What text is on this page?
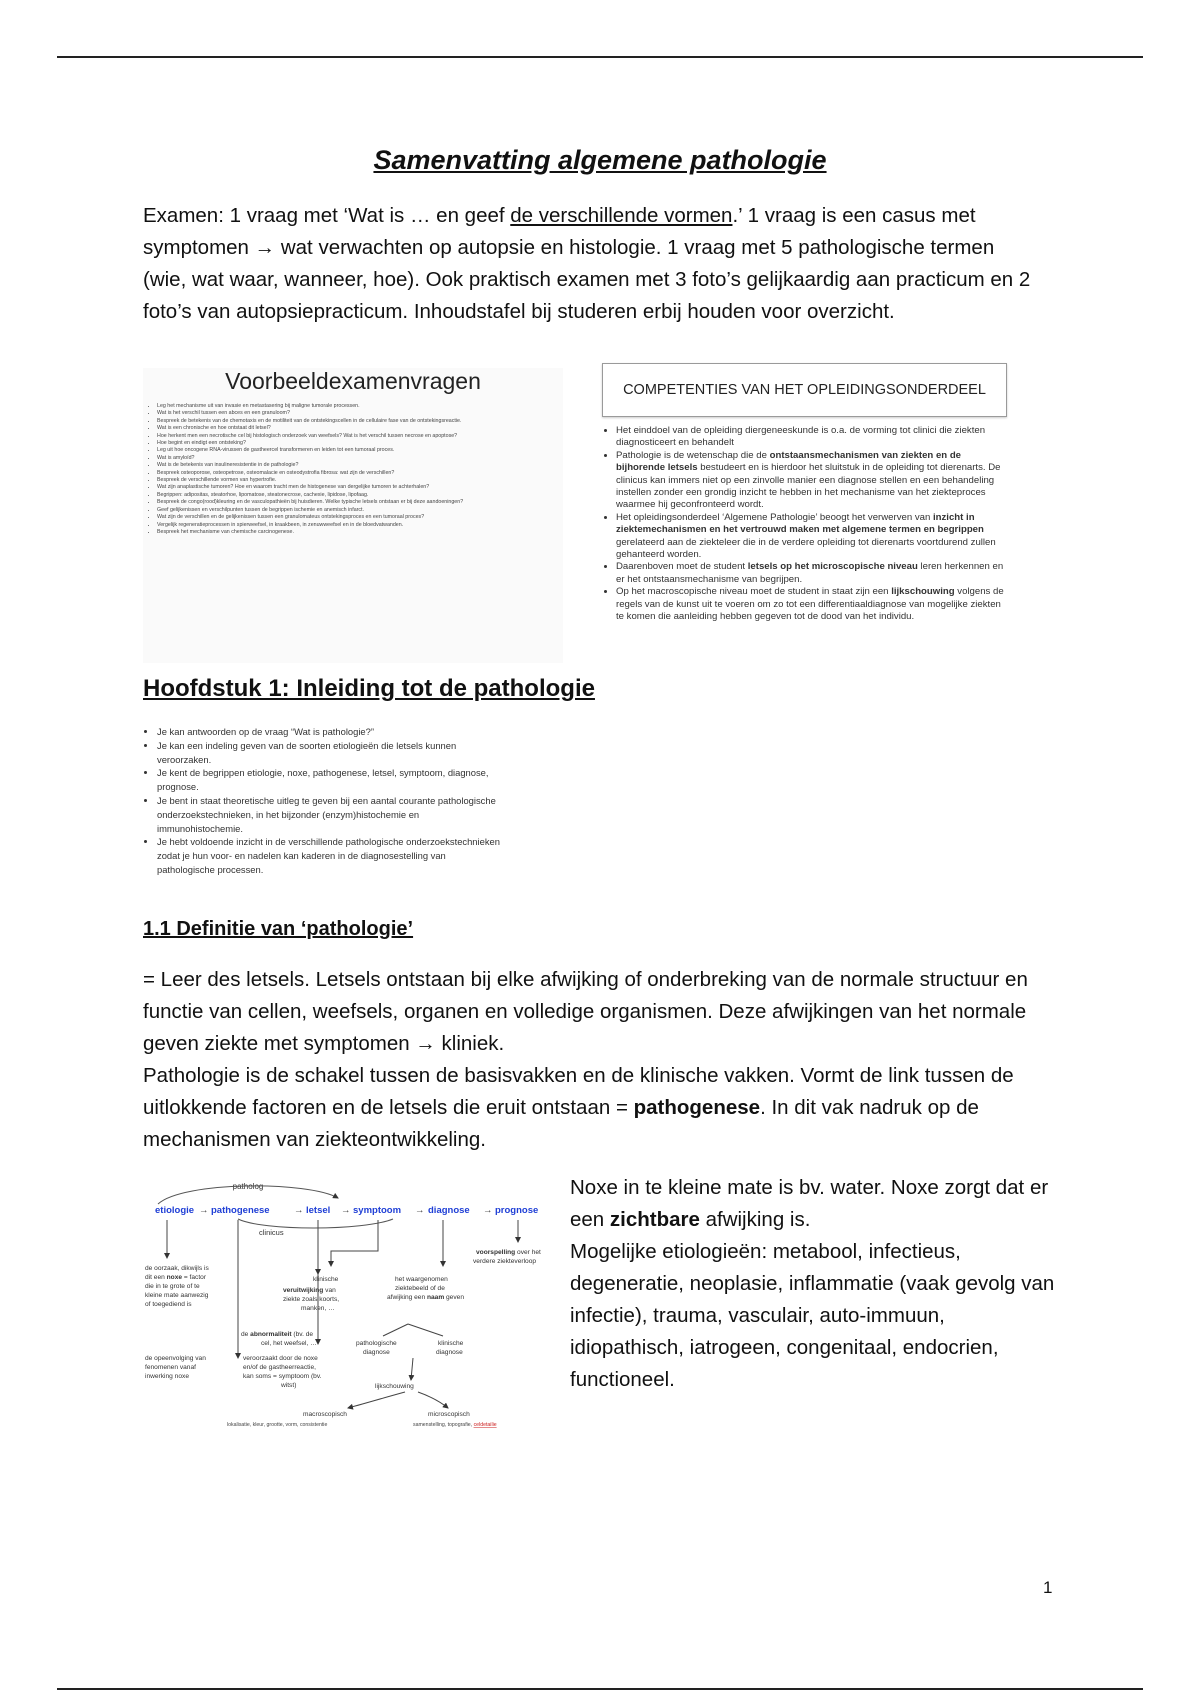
Samenvatting algemene pathologie
Examen: 1 vraag met ‘Wat is … en geef de verschillende vormen.’ 1 vraag is een casus met symptomen → wat verwachten op autopsie en histologie. 1 vraag met 5 pathologische termen (wie, wat waar, wanneer, hoe). Ook praktisch examen met 3 foto’s gelijkaardig aan practicum en 2 foto’s van autopsiepracticum. Inhoudstafel bij studeren erbij houden voor overzicht.
Voorbeeldexamenvragen
• Leg het mechanisme uit van invasie en metastasering bij maligne tumorale processen.
• Wat is het verschil tussen een abces en een granuloom?
• Bespreek de betekenis van de chemotaxis en de motiliteit van de ontstekingscellen in de cellulaire fase van de ontstekingsreactie.
• Wat is een chronische en hoe ontstaat dit letsel?
• Hoe herkent men een necrotische cel bij histologisch onderzoek van weefsels? Wat is het verschil tussen necrose en apoptose?
• Hoe begint en eindigt een ontsteking?
• Leg uit hoe oncogene RNA-virussen de gastheercel transformeren en leiden tot een tumoraal proces.
• Wat is amyloïd?
• Wat is de betekenis van insulineresistentie in de pathologie?
• Bespreek osteoporose, osteopetrose, osteomalacie en osteodystrofia fibrosa: wat zijn de verschillen?
• Bespreek de verschillende vormen van hypertrofie.
• Wat zijn anaplastische tumoren? Hoe en waarom tracht men de histogenese van dergelijke tumoren te achterhalen?
• Begrippen: adipositas, steatorhoe, lipomatose, steatonecrose, cachexie, lipidose, lipofaag.
• Bespreek de congo(rood)kleuring en de vasculopathieën bij huisdieren. Welke typische letsels ontstaan er bij deze aandoeningen?
• Geef gelijkenissen en verschilpunten tussen de begrippen ischemie en anemisch infarct.
• Wat zijn de verschillen en de gelijkenissen tussen een granulomateus ontstekingsproces en een tumoraal proces?
• Vergelijk regeneratieprocessen in spierweefsel, in kraakbeen, in zenuwweefsel en in de bloedvatwanden.
• Bespreek het mechanisme van chemische carcinogenese.
COMPETENTIES VAN HET OPLEIDINGSONDERDEEL
• Het einddoel van de opleiding diergeneeskunde is o.a. de vorming tot clinici die ziekten diagnosticeert en behandelt
• Pathologie is de wetenschap die de ontstaansmechanismen van ziekten en de bijhorende letsels bestudeert en is hierdoor het sluitstuk in de opleiding tot dierenarts. De clinicus kan immers niet op een zinvolle manier een diagnose stellen en een behandeling instellen zonder een grondig inzicht te hebben in het mechanisme van het ziekteproces waarmee hij geconfronteerd wordt.
• Het opleidingsonderdeel ‘Algemene Pathologie’ beoogt het verwerven van inzicht in ziektemechanismen en het vertrouwd maken met algemene termen en begrippen gerelateerd aan de ziekteleer die in de verdere opleiding tot dierenarts voortdurend zullen gehanteerd worden.
• Daarenboven moet de student letsels op het microscopische niveau leren herkennen en er het ontstaansmechanisme van begrijpen.
• Op het macroscopische niveau moet de student in staat zijn een lijkschouwing volgens de regels van de kunst uit te voeren om zo tot een differentiaaldiagnose van mogelijke ziekten te komen die aanleiding hebben gegeven tot de dood van het individu.
Hoofdstuk 1: Inleiding tot de pathologie
• Je kan antwoorden op de vraag “Wat is pathologie?”
• Je kan een indeling geven van de soorten etiologieën die letsels kunnen veroorzaken.
• Je kent de begrippen etiologie, noxe, pathogenese, letsel, symptoom, diagnose, prognose.
• Je bent in staat theoretische uitleg te geven bij een aantal courante pathologische onderzoekstechnieken, in het bijzonder (enzym)histochemie en immunohistochemie.
• Je hebt voldoende inzicht in de verschillende pathologische onderzoekstechnieken zodat je hun voor- en nadelen kan kaderen in de diagnosestelling van pathologische processen.
1.1 Definitie van ‘pathologie’
= Leer des letsels. Letsels ontstaan bij elke afwijking of onderbreking van de normale structuur en functie van cellen, weefsels, organen en volledige organismen. Deze afwijkingen van het normale geven ziekte met symptomen → kliniek.
Pathologie is de schakel tussen de basisvakken en de klinische vakken. Vormt de link tussen de uitlokkende factoren en de letsels die eruit ontstaan = pathogenese. In dit vak nadruk op de mechanismen van ziekteontwikkeling.
patholog
etiologie pathogenese	letsel symptoom	diagnose	prognose
→	→	→	→	→
clinicus
de oorzaak, dikwijls is
dit een noxe = factor
die in te grote of te
kleine mate aanwezig
of toegediend is
klinische
veruitwijking van
ziekte zoals koorts,
manken, …
het waargenomen
ziektebeeld of de
afwijking een naam geven
voorspelling over het
verdere ziekteverloop
de abnormaliteit (bv. de
cel, het weefsel, …
veroorzaakt door de noxe
en/of de gastheerreactie,
kan soms = symptoom (bv.
witst)
de opeenvolging van
fenomenen vanaf
inwerking noxe
pathologische
diagnose
klinische
diagnose
lijkschouwing
macroscopisch	microscopisch
lokalisatie, kleur, grootte, vorm, consistentie	samenstelling, topografie, celdetailie
Noxe in te kleine mate is bv. water. Noxe zorgt dat er een zichtbare afwijking is.
Mogelijke etiologieën: metabool, infectieus, degeneratie, neoplasie, inflammatie (vaak gevolg van infectie), trauma, vasculair, auto-immuun, idiopathisch, iatrogeen, congenitaal, endocrien, functioneel.
1
